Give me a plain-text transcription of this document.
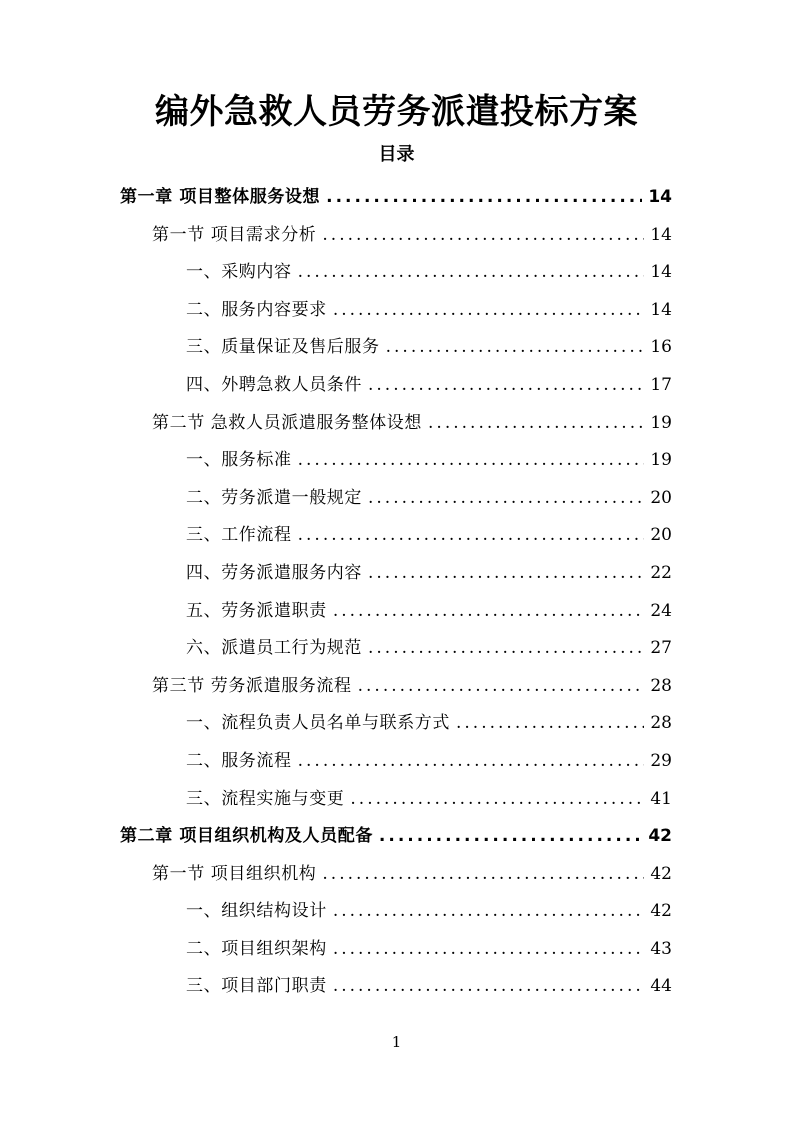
编外急救人员劳务派遣投标方案
目录
第一章 项目整体服务设想 .....	14
第一节 项目需求分析 .....	14
一、采购内容 .....	14
二、服务内容要求 .....	14
三、质量保证及售后服务 .....	16
四、外聘急救人员条件 .....	17
第二节 急救人员派遣服务整体设想 .....	19
一、服务标准 .....	19
二、劳务派遣一般规定 .....	20
三、工作流程 .....	20
四、劳务派遣服务内容 .....	22
五、劳务派遣职责 .....	24
六、派遣员工行为规范 .....	27
第三节 劳务派遣服务流程 .....	28
一、流程负责人员名单与联系方式 .....	28
二、服务流程 .....	29
三、流程实施与变更 .....	41
第二章 项目组织机构及人员配备 .....	42
第一节 项目组织机构 .....	42
一、组织结构设计 .....	42
二、项目组织架构 .....	43
三、项目部门职责 .....	44
1
